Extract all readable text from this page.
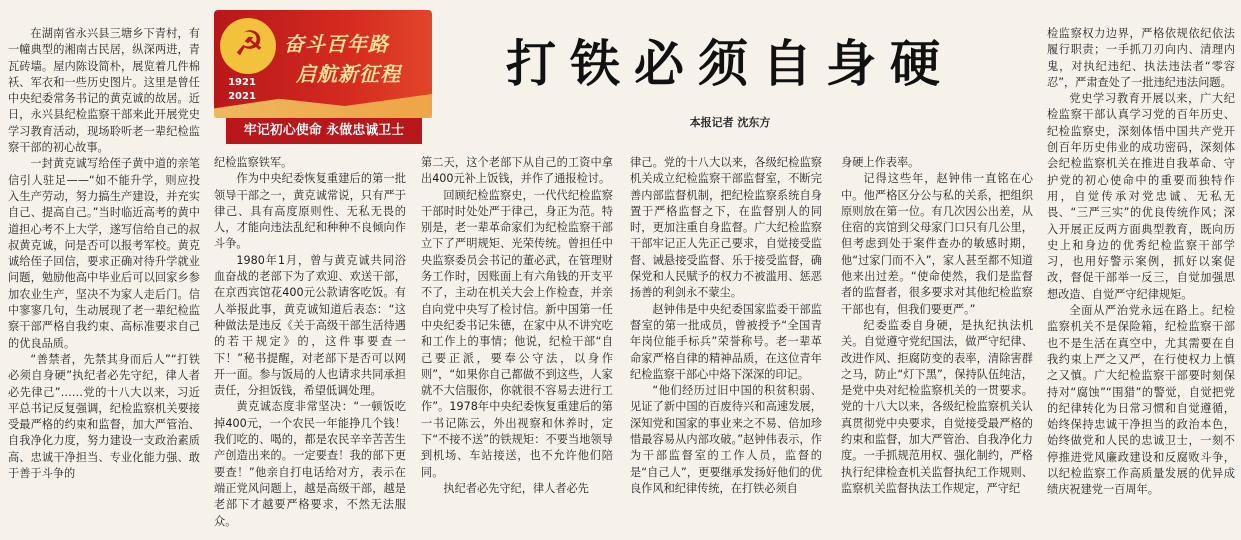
在湖南省永兴县三塘乡下青村，有一幢典型的湘南古民居，纵深两进，青瓦砖墙。屋内陈设简朴，展览着几件棉袄、军衣和一些历史图片。这里是曾任中央纪委常务书记的黄克诚的故居。近日，永兴县纪检监察干部来此开展党史学习教育活动，现场聆听老一辈纪检监察干部的初心故事。

一封黄克诚写给侄子黄中道的亲笔信引人驻足——“如不能升学，则应投入生产劳动，努力搞生产建设，并充实自己、提高自己。”当时临近高考的黄中道担心考不上大学，遂写信给自己的叔叔黄克诚，问是否可以报考军校。黄克诚给侄子回信，要求正确对待升学就业问题，勉励他高中毕业后可以回家乡参加农业生产，坚决不为家人走后门。信中寥寥几句，生动展现了老一辈纪检监察干部严格自我约束、高标准要求自己的优良品质。

“善禁者，先禁其身而后人”“打铁必须自身硬”执纪者必先守纪，律人者必先律己”……党的十八大以来，习近平总书记反复强调，纪检监察机关要接受最严格的约束和监督，加大严管治、自我净化力度，努力建设一支政治素质高、忠诚干净担当、专业化能力强、敢于善于斗争的

☭
1921
2021
奋斗百年路
启航新征程
牢记初心使命 永做忠诚卫士
打铁必须自身硬
本报记者 沈东方

纪检监察铁军。

作为中央纪委恢复重建后的第一批领导干部之一，黄克诚常说，只有严于律己、具有高度原则性、无私无畏的人，才能向违法乱纪和种种不良倾向作斗争。

1980年1月，曾与黄克诚共同浴血奋战的老部下为了欢迎、欢送干部，在京西宾馆花400元公款请客吃饭。有人举报此事，黄克诚知道后表态：“这种做法是违反《关于高级干部生活待遇的若干规定》的，这件事要查一下！”秘书提醒，对老部下是否可以网开一面。参与饭局的人也请求共同承担责任，分担饭钱，希望低调处理。

黄克诚态度非常坚决：“一顿饭吃掉400元，一个农民一年能挣几个钱！我们吃的、喝的，都是农民辛辛苦苦生产创造出来的。一定要查！我的部下更要查！”他亲自打电话给对方，表示在端正党风问题上，越是高级干部，越是老部下才越要严格要求，不然无法服众。

第二天，这个老部下从自己的工资中拿出400元补上饭钱，并作了通报检讨。

回顾纪检监察史，一代代纪检监察干部时时处处严于律己，身正为范。特别是，老一辈革命家们为纪检监察干部立下了严明规矩、光荣传统。曾担任中央监察委员会书记的董必武，在管理财务工作时，因账面上有六角钱的开支平不了，主动在机关大会上作检查，并亲自向党中央写了检讨信。新中国第一任中央纪委书记朱德，在家中从不讲究吃和工作上的事情；他说，纪检干部“自己要正派，要奉公守法，以身作则”，“如果你自己都做不到这些，人家就不大信服你，你就很不容易去进行工作”。1978年中央纪委恢复重建后的第一书记陈云，外出视察和休养时，定下“不接不送”的铁规矩：不要当地领导到机场、车站接送，也不允许他们陪同。

执纪者必先守纪，律人者必先

律己。党的十八大以来，各级纪检监察机关成立纪检监察干部监督室，不断完善内部监督机制，把纪检监察系统自身置于严格监督之下，在监督别人的同时，更加注重自身监督。广大纪检监察干部牢记正人先正己要求，自觉接受监督、诫悬接受监督、乐于接受监督，确保党和人民赋予的权力不被滥用、惩恶扬善的利剑永不蒙尘。

赵钟伟是中央纪委国家监委干部监督室的第一批成员，曾被授予“全国青年岗位能手标兵”荣誉称号。老一辈革命家严格自律的精神品质，在这位青年纪检监察干部心中烙下深深的印记。

“他们经历过旧中国的积贫积弱、见证了新中国的百废待兴和高速发展，深知党和国家的事业来之不易、倍加珍惜最容易从内部攻破。”赵钟伟表示，作为干部监督室的工作人员，监督的是“自己人”，更要继承发扬好他们的优良作风和纪律传统，在打铁必须自

身硬上作表率。

记得这些年，赵钟伟一直铭在心中。他严格区分公与私的关系，把组织原则放在第一位。有几次因公出差，从住宿的宾馆到父母家门口只有几公里，但考虑到处于案件查办的敏感时期，他“过家门而不入”，家人甚至都不知道他来出过差。“使命使然，我们是监督者的监督者，很多要求对其他纪检监察干部也有，但我们要更严。”

纪委监委自身硬，是执纪执法机关。自觉遵守党纪国法，做严守纪律、改进作风、拒腐防变的表率，清除害群之马，防止“灯下黑”，保持队伍纯洁，是党中央对纪检监察机关的一贯要求。党的十八大以来，各级纪检监察机关认真贯彻党中央要求，自觉接受最严格的约束和监督，加大严管治、自我净化力度。一手抓规范用权、强化制约，严格执行纪律检查机关监督执纪工作规则、监察机关监督执法工作规定，严守纪

检监察权力边界，严格依规依纪依法履行职责；一手抓刀刃向内、清理内鬼，对执纪违纪、执法违法者“零容忍”，严肃查处了一批违纪违法问题。

党史学习教育开展以来，广大纪检监察干部认真学习党的百年历史、纪检监察史，深刻体悟中国共产党开创百年历史伟业的成功密码，深刻体会纪检监察机关在推进自我革命、守护党的初心使命中的重要而独特作用，自觉传承对党忠诚、无私无畏、“三严三实”的优良传统作风；深入开展正反两方面典型教育，既向历史上和身边的优秀纪检监察干部学习，也用好警示案例，抓好以案促改，督促干部举一反三，自觉加强思想改造、自觉严守纪律规矩。

全面从严治党永远在路上。纪检监察机关不是保险箱，纪检监察干部也不是生活在真空中，尤其需要在自我约束上严之又严，在行使权力上慎之又慎。广大纪检监察干部要时刻保持对“腐蚀”“围猎”的警觉，自觉把党的纪律转化为日常习惯和自觉遵循，始终保持忠诚干净担当的政治本色，始终做党和人民的忠诚卫士，一刻不停推进党风廉政建设和反腐败斗争，以纪检监察工作高质量发展的优异成绩庆祝建党一百周年。
